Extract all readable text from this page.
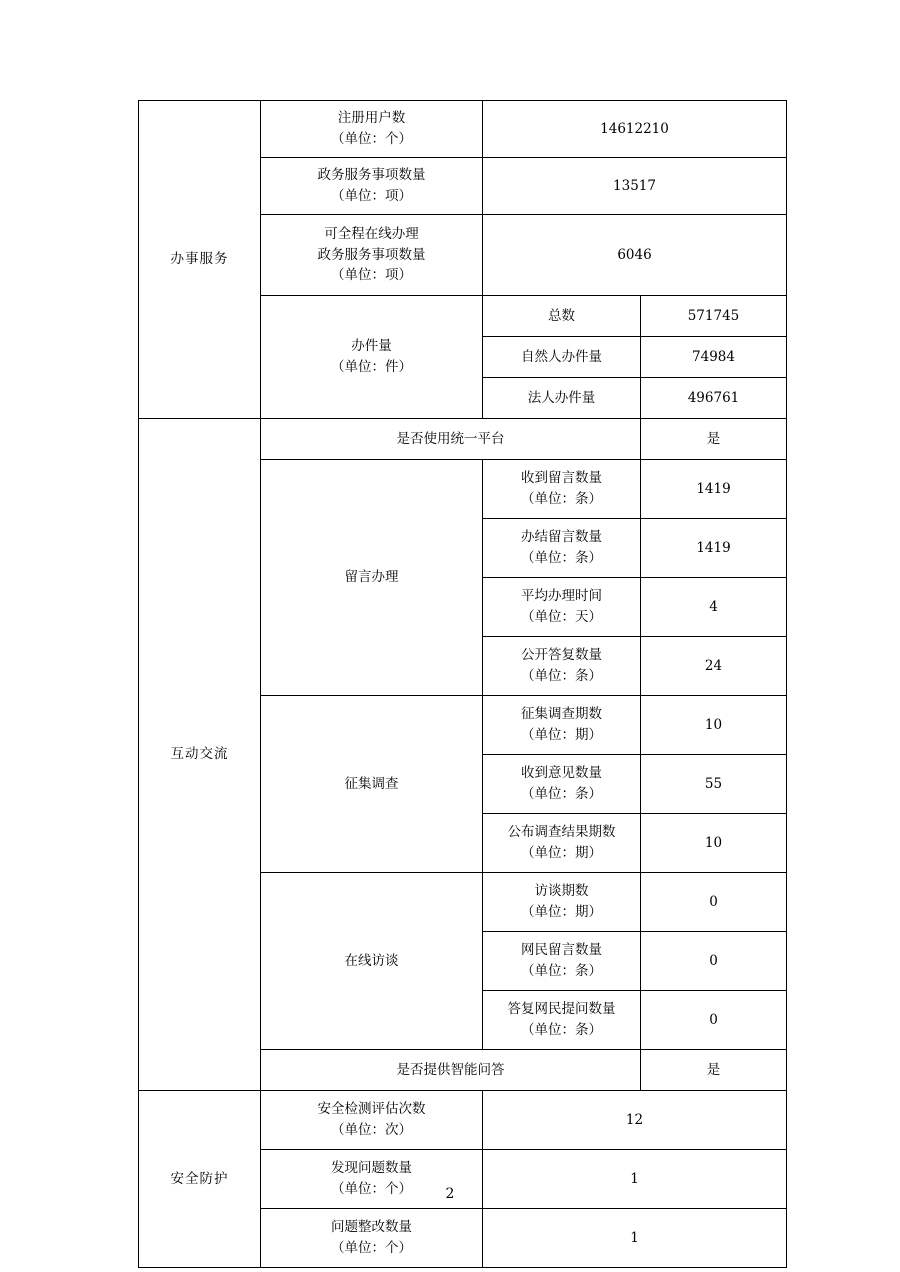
办事服务	注册用户数
（单位：个）	14612210	
	政务服务事项数量
（单位：项）	13517	
	可全程在线办理
政务服务事项数量
（单位：项）	6046	
	办件量
（单位：件）	总数	571745
		自然人办件量	74984
		法人办件量	496761
互动交流	是否使用统一平台		是
	留言办理	收到留言数量
（单位：条）	1419
		办结留言数量
（单位：条）	1419
		平均办理时间
（单位：天）	4
		公开答复数量
（单位：条）	24
	征集调查	征集调查期数
（单位：期）	10
		收到意见数量
（单位：条）	55
		公布调查结果期数
（单位：期）	10
	在线访谈	访谈期数
（单位：期）	0
		网民留言数量
（单位：条）	0
		答复网民提问数量
（单位：条）	0
	是否提供智能问答		是
安全防护	安全检测评估次数
（单位：次）	12	
	发现问题数量
（单位：个）	1	
	问题整改数量
（单位：个）	1	
2
